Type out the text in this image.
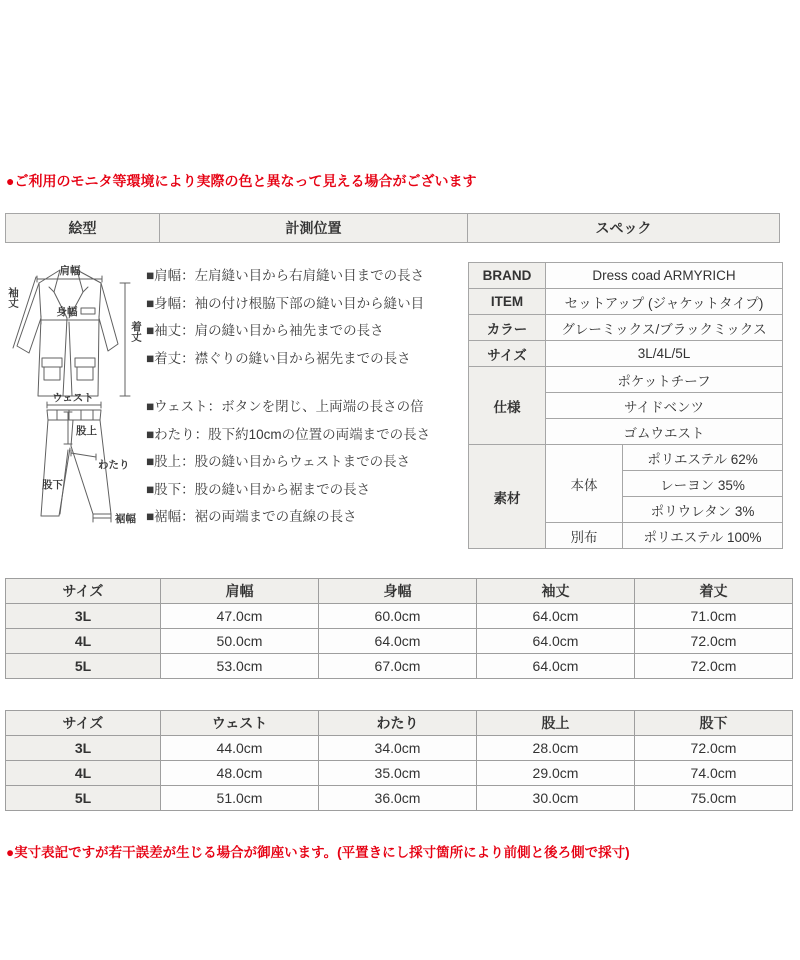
●ご利用のモニタ等環境により実際の色と異なって見える場合がございます
絵型	計測位置	スペック
肩幅
袖丈
身幅
着丈
ウェスト
股上
わたり
股下
裾幅
■肩幅：左肩縫い目から右肩縫い目までの長さ
■身幅：袖の付け根脇下部の縫い目から縫い目
■袖丈：肩の縫い目から袖先までの長さ
■着丈：襟ぐりの縫い目から裾先までの長さ
■ウェスト：ボタンを閉じ、上両端の長さの倍
■わたり：股下約10cmの位置の両端までの長さ
■股上：股の縫い目からウェストまでの長さ
■股下：股の縫い目から裾までの長さ
■裾幅：裾の両端までの直線の長さ
BRAND	Dress coad ARMYRICH	
ITEM	セットアップ (ジャケットタイプ)	
カラー	グレーミックス/ブラックミックス	
サイズ	3L/4L/5L	
仕様	ポケットチーフ	
	サイドベンツ	
	ゴムウエスト	
素材	本体	ポリエステル 62%
		レーヨン 35%
		ポリウレタン 3%
	別布	ポリエステル 100%
サイズ	肩幅	身幅	袖丈	着丈
3L	47.0cm	60.0cm	64.0cm	71.0cm
4L	50.0cm	64.0cm	64.0cm	72.0cm
5L	53.0cm	67.0cm	64.0cm	72.0cm
サイズ	ウェスト	わたり	股上	股下
3L	44.0cm	34.0cm	28.0cm	72.0cm
4L	48.0cm	35.0cm	29.0cm	74.0cm
5L	51.0cm	36.0cm	30.0cm	75.0cm
●実寸表記ですが若干誤差が生じる場合が御座います。(平置きにし採寸箇所により前側と後ろ側で採寸)
